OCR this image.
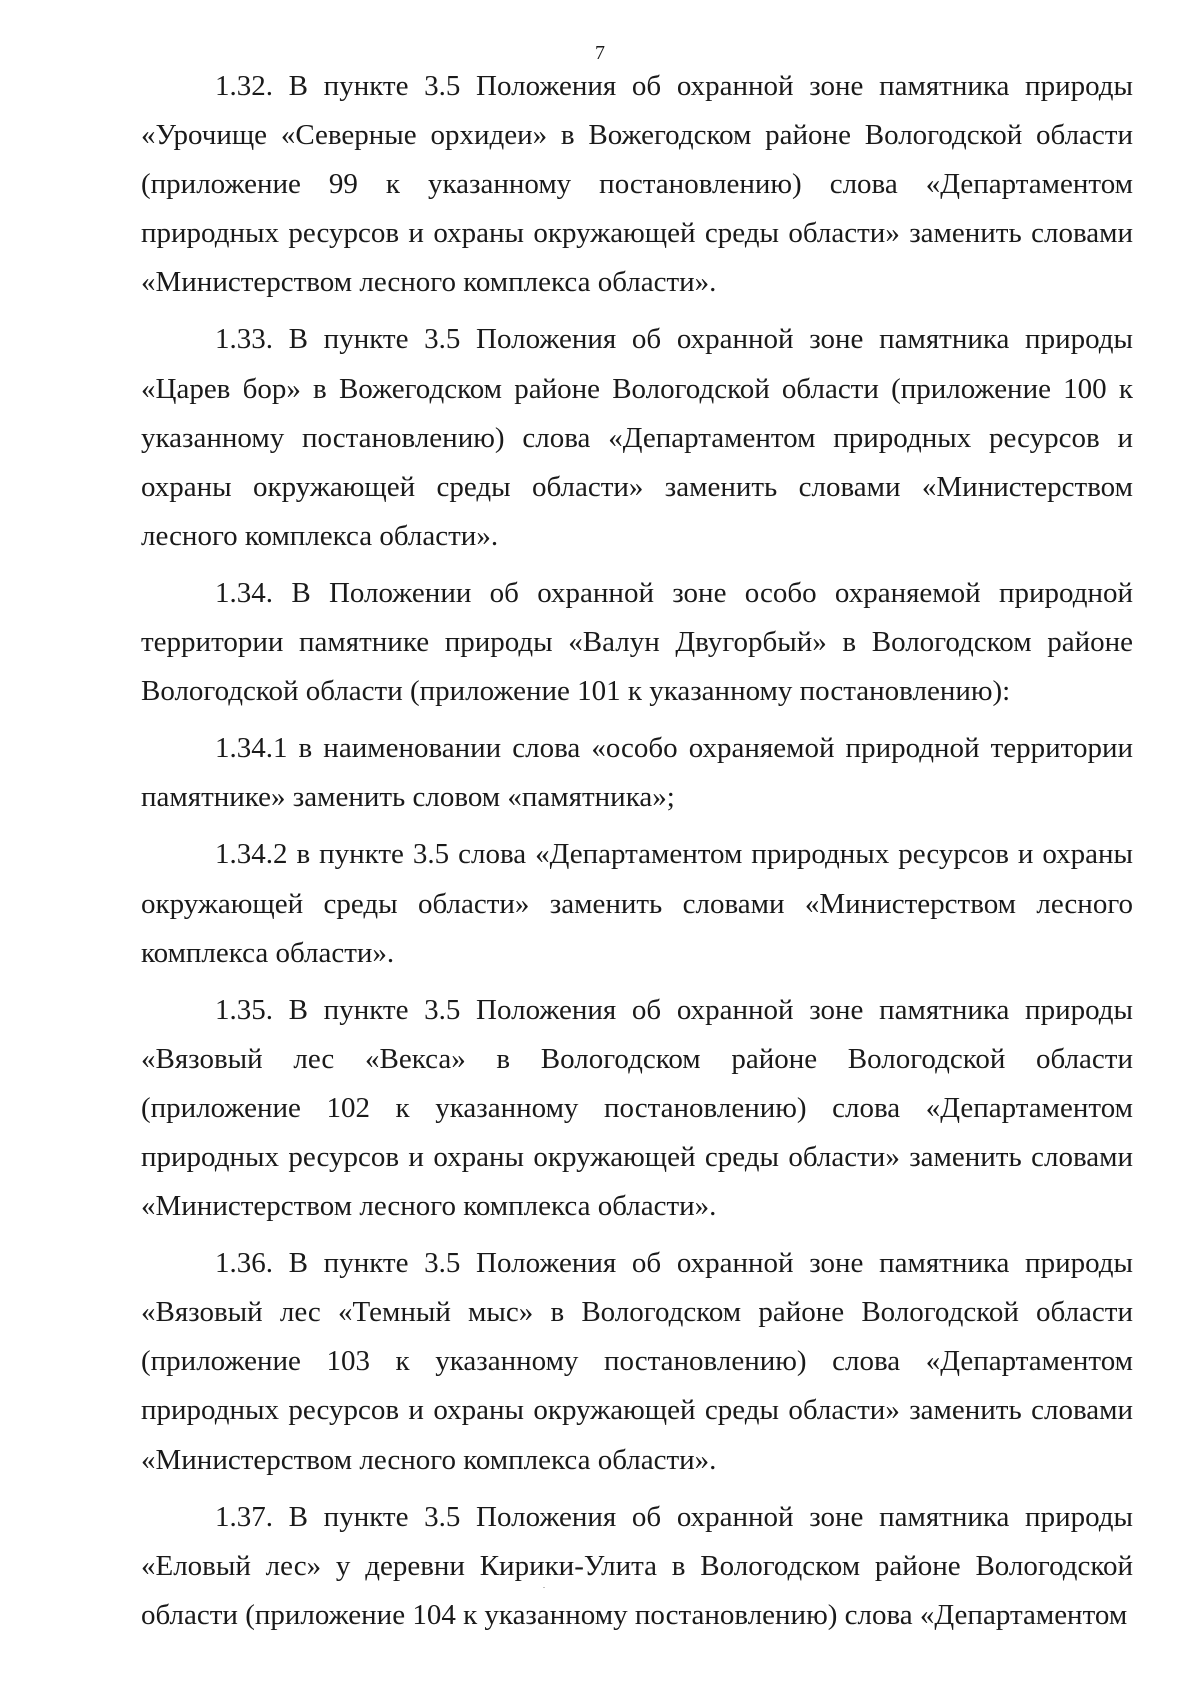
7

1.32. В пункте 3.5 Положения об охранной зоне памятника природы «Урочище «Северные орхидеи» в Вожегодском районе Вологодской области (приложение 99 к указанному постановлению) слова «Департаментом природных ресурсов и охраны окружающей среды области» заменить словами «Министерством лесного комплекса области».

1.33. В пункте 3.5 Положения об охранной зоне памятника природы «Царев бор» в Вожегодском районе Вологодской области (приложение 100 к указанному постановлению) слова «Департаментом природных ресурсов и охраны окружающей среды области» заменить словами «Министерством лесного комплекса области».

1.34. В Положении об охранной зоне особо охраняемой природной территории памятнике природы «Валун Двугорбый» в Вологодском районе Вологодской области (приложение 101 к указанному постановлению):

1.34.1 в наименовании слова «особо охраняемой природной территории памятнике» заменить словом «памятника»;

1.34.2 в пункте 3.5 слова «Департаментом природных ресурсов и охраны окружающей среды области» заменить словами «Министерством лесного комплекса области».

1.35. В пункте 3.5 Положения об охранной зоне памятника природы «Вязовый лес «Векса» в Вологодском районе Вологодской области (приложение 102 к указанному постановлению) слова «Департаментом природных ресурсов и охраны окружающей среды области» заменить словами «Министерством лесного комплекса области».

1.36. В пункте 3.5 Положения об охранной зоне памятника природы «Вязовый лес «Темный мыс» в Вологодском районе Вологодской области (приложение 103 к указанному постановлению) слова «Департаментом природных ресурсов и охраны окружающей среды области» заменить словами «Министерством лесного комплекса области».

1.37. В пункте 3.5 Положения об охранной зоне памятника природы «Еловый лес» у деревни Кирики-Улита в Вологодском районе Вологодской области (приложение 104 к указанному постановлению) слова «Департаментом
